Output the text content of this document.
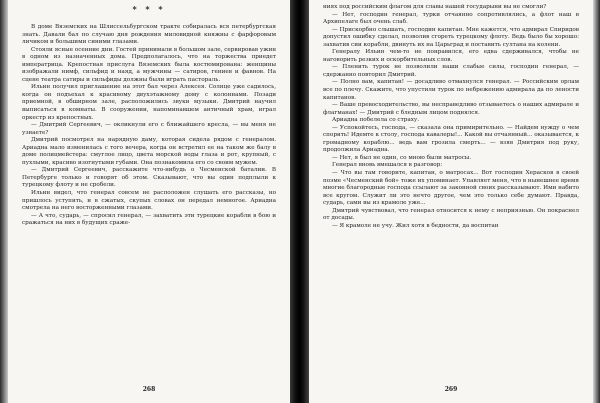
* * *

В доме Вяземских на Шлиссельбургском тракте собиралась вся петербургская знать. Давали бал по случаю дня рождения миловидной княжны с фарфоровым личиком и большими синими глазами.

Стояли ясные осенние дни. Гостей принимали в большом зале, сервировав ужин в одном из назначенных дома. Предполагалось, что на торжества приедет императрица. Крепостная прислуга Вяземских была костюмирована: женщины изображали нимф, сильфид и наяд, а мужчины — сатиров, гениев и фавнов. На сцене театра сатиры и сильфиды должны были играть пастораль.

Ильин получил приглашение на этот бал через Алексея. Солнце уже садилось, когда он подъехал к красивому двухэтажному дому с колоннами. Позади приемной, в обширном зале, расположились звуки музыки. Дмитрий научил выписаться в комнаты. В сооружении, напоминавшем античный храм, играл оркестр из крепостных.

— Дмитрий Сергеевич, — окликнули его с ближайшего кресла, — вы меня не узнаете?

Дмитрий посмотрел на нарядную даму, которая сидела рядом с генералом. Ариадна мало изменилась с того вечера, когда он встретил ее на таком же балу в доме полицмейстера: смуглое лицо, цвета морской воды глаза и рот, крупный, с пухлыми, красиво изогнутыми губами. Она познакомила его со своим мужем.

— Дмитрий Сергеевич, расскажите что-нибудь о Чесменской баталии. В Петербурге только и говорят об этом. Сказывают, что вы один подплыли к турецкому флоту и не сробели.

Ильин видел, что генерал совсем не расположен слушать его рассказы, но пришлось уступить, и в сжатых, скупых словах он передал немногое. Ариадна смотрела на него восторженными глазами.

— А что, сударь, — спросил генерал, — захватить эти турецкие корабли в бою и сражаться на них в будущих сраже-

268

ниях под российским флагом для славы нашей государыни вы не смогли?

— Нет, господин генерал, турки отчаянно сопротивлялись, а флот наш в Архипелаге был очень слаб.

— Прискорбно слышать, господин капитан. Мне кажется, что адмирал Спиридов допустил ошибку сделал, позволив сгореть турецкому флоту. Ведь было бы хорошо: захватив сии корабли, двинуть их на Царьград и поставить султана на колени.

Генералу Ильин чем-то не понравился, его едва сдерживался, чтобы не наговорить резких и оскорбительных слов.

— Пленить турок не позволили наши слабые силы, господин генерал, — сдержанно повторил Дмитрий.

— Полно вам, капитан! — досадливо отмахнулся генерал. — Российским орлам все по плечу. Скажите, что упустили турок по небрежению адмирала да по лености капитанов.

— Ваше превосходительство, вы несправедливо отзываетесь о наших адмирале и флагманах! — Дмитрий с бледным лицом поднялся.

Ариадна побелела со страху.

— Успокойтесь, господа, — сказала она примирительно. — Найдем нужду о чем спорить! Идемте к столу, господа кавалеры!... Какой вы отчаянный... оказывается, к громадному кораблю... ведь вам грозила смерть... — взяв Дмитрия под руку, продолжила Ариадна.

— Нет, я был не один, со мною были матросы.

Генерал вновь вмешался в разговор:

— Что вы там говорите, капитан, о матросах... Вот господин Херасков в своей поэме «Чесменский бой» тоже их упоминает. Упавляет меня, что в нынешнее время многие благородные господа ссылают за законной своих рассказывают. Ими набито все кругом. Служит ли это нечто другое, чем это только себе думают. Правда, сударь, сами вы из крамоле уже...

Дмитрий чувствовал, что генерал относится к нему с неприязнью. Он покраснел от досады.

— Я крамоле не учу. Жил хотя в бедности, да воспитан

269
